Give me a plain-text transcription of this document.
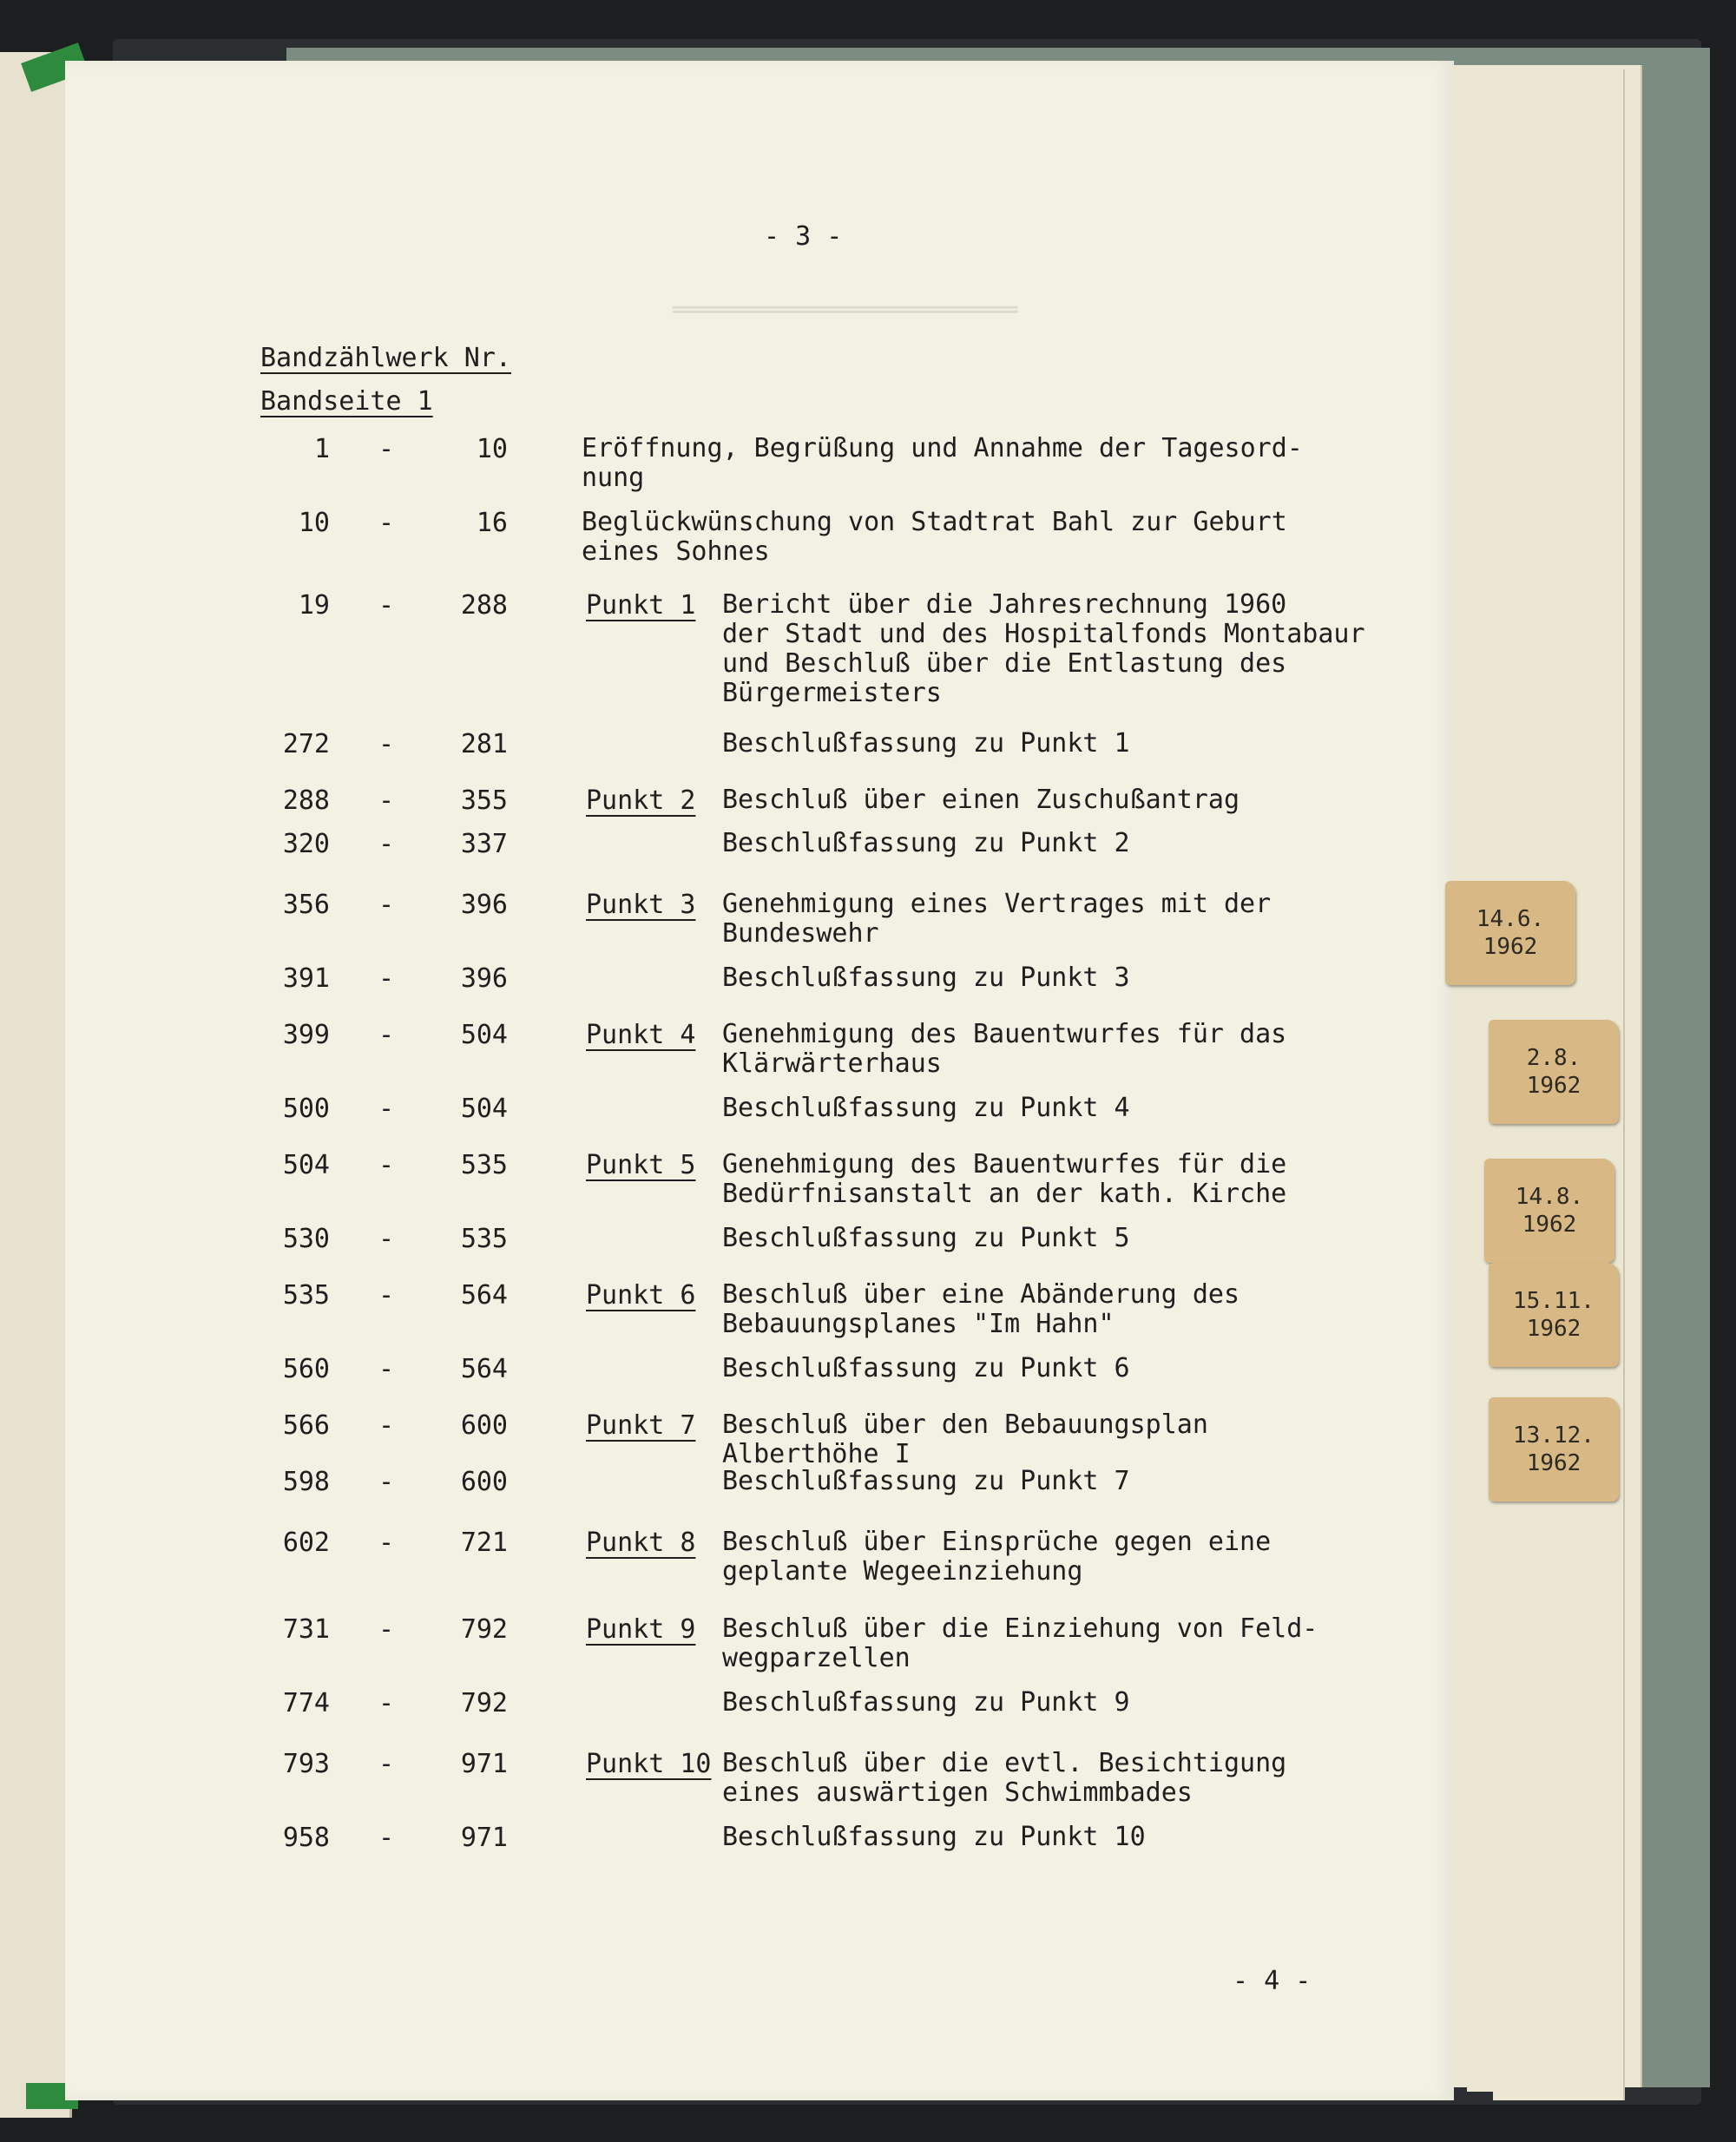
══════════════════════
- 3 -
Bandzählwerk Nr.
Bandseite 1
1	-	10	Eröffnung, Begrüßung und Annahme der Tagesord-
nung
10	-	16	Beglückwünschung von Stadtrat Bahl zur Geburt
eines Sohnes
19	-	288	Punkt 1 Bericht über die Jahresrechnung 1960
der Stadt und des Hospitalfonds Montabaur
und Beschluß über die Entlastung des
Bürgermeisters
272	-	281	Beschlußfassung zu Punkt 1
288	-	355	Punkt 2 Beschluß über einen Zuschußantrag
320	-	337	Beschlußfassung zu Punkt 2
356	-	396	Punkt 3 Genehmigung eines Vertrages mit der
Bundeswehr
391	-	396	Beschlußfassung zu Punkt 3
399	-	504	Punkt 4 Genehmigung des Bauentwurfes für das
Klärwärterhaus
500	-	504	Beschlußfassung zu Punkt 4
504	-	535	Punkt 5 Genehmigung des Bauentwurfes für die
Bedürfnisanstalt an der kath. Kirche
530	-	535	Beschlußfassung zu Punkt 5
535	-	564	Punkt 6 Beschluß über eine Abänderung des
Bebauungsplanes "Im Hahn"
560	-	564	Beschlußfassung zu Punkt 6
566	-	600	Punkt 7 Beschluß über den Bebauungsplan
Alberthöhe I
598	-	600	Beschlußfassung zu Punkt 7
602	-	721	Punkt 8 Beschluß über Einsprüche gegen eine
geplante Wegeeinziehung
731	-	792	Punkt 9 Beschluß über die Einziehung von Feld-
wegparzellen
774	-	792	Beschlußfassung zu Punkt 9
793	-	971	Punkt 10 Beschluß über die evtl. Besichtigung
eines auswärtigen Schwimmbades
958	-	971	Beschlußfassung zu Punkt 10
- 4 -
14.6.
1962
2.8.
1962
14.8.
1962
15.11.
1962
13.12.
1962
